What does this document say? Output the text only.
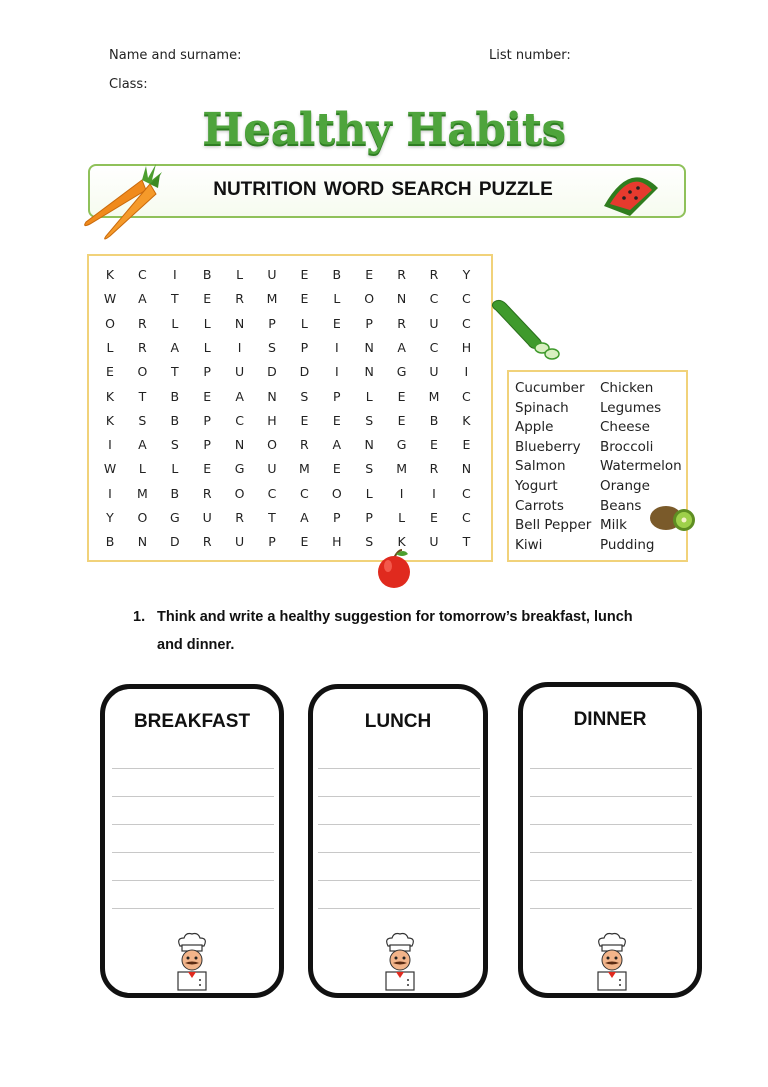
Name and surname:	List number:
Class:
Healthy Habits
NUTRITION WORD SEARCH PUZZLE
K	C	I	B	L	U	E	B	E	R	R	Y
W	A	T	E	R	M	E	L	O	N	C	C
O	R	L	L	N	P	L	E	P	R	U	C
L	R	A	L	I	S	P	I	N	A	C	H
E	O	T	P	U	D	D	I	N	G	U	I
K	T	B	E	A	N	S	P	L	E	M	C
K	S	B	P	C	H	E	E	S	E	B	K
I	A	S	P	N	O	R	A	N	G	E	E
W	L	L	E	G	U	M	E	S	M	R	N
I	M	B	R	O	C	C	O	L	I	I	C
Y	O	G	U	R	T	A	P	P	L	E	C
B	N	D	R	U	P	E	H	S	K	U	T
Cucumber
Spinach
Apple
Blueberry
Salmon
Yogurt
Carrots
Bell Pepper
Kiwi
Chicken
Legumes
Cheese
Broccoli
Watermelon
Orange
Beans
Milk
Pudding
1. Think and write a healthy suggestion for tomorrow’s breakfast, lunch
and dinner.
BREAKFAST	LUNCH	DINNER
